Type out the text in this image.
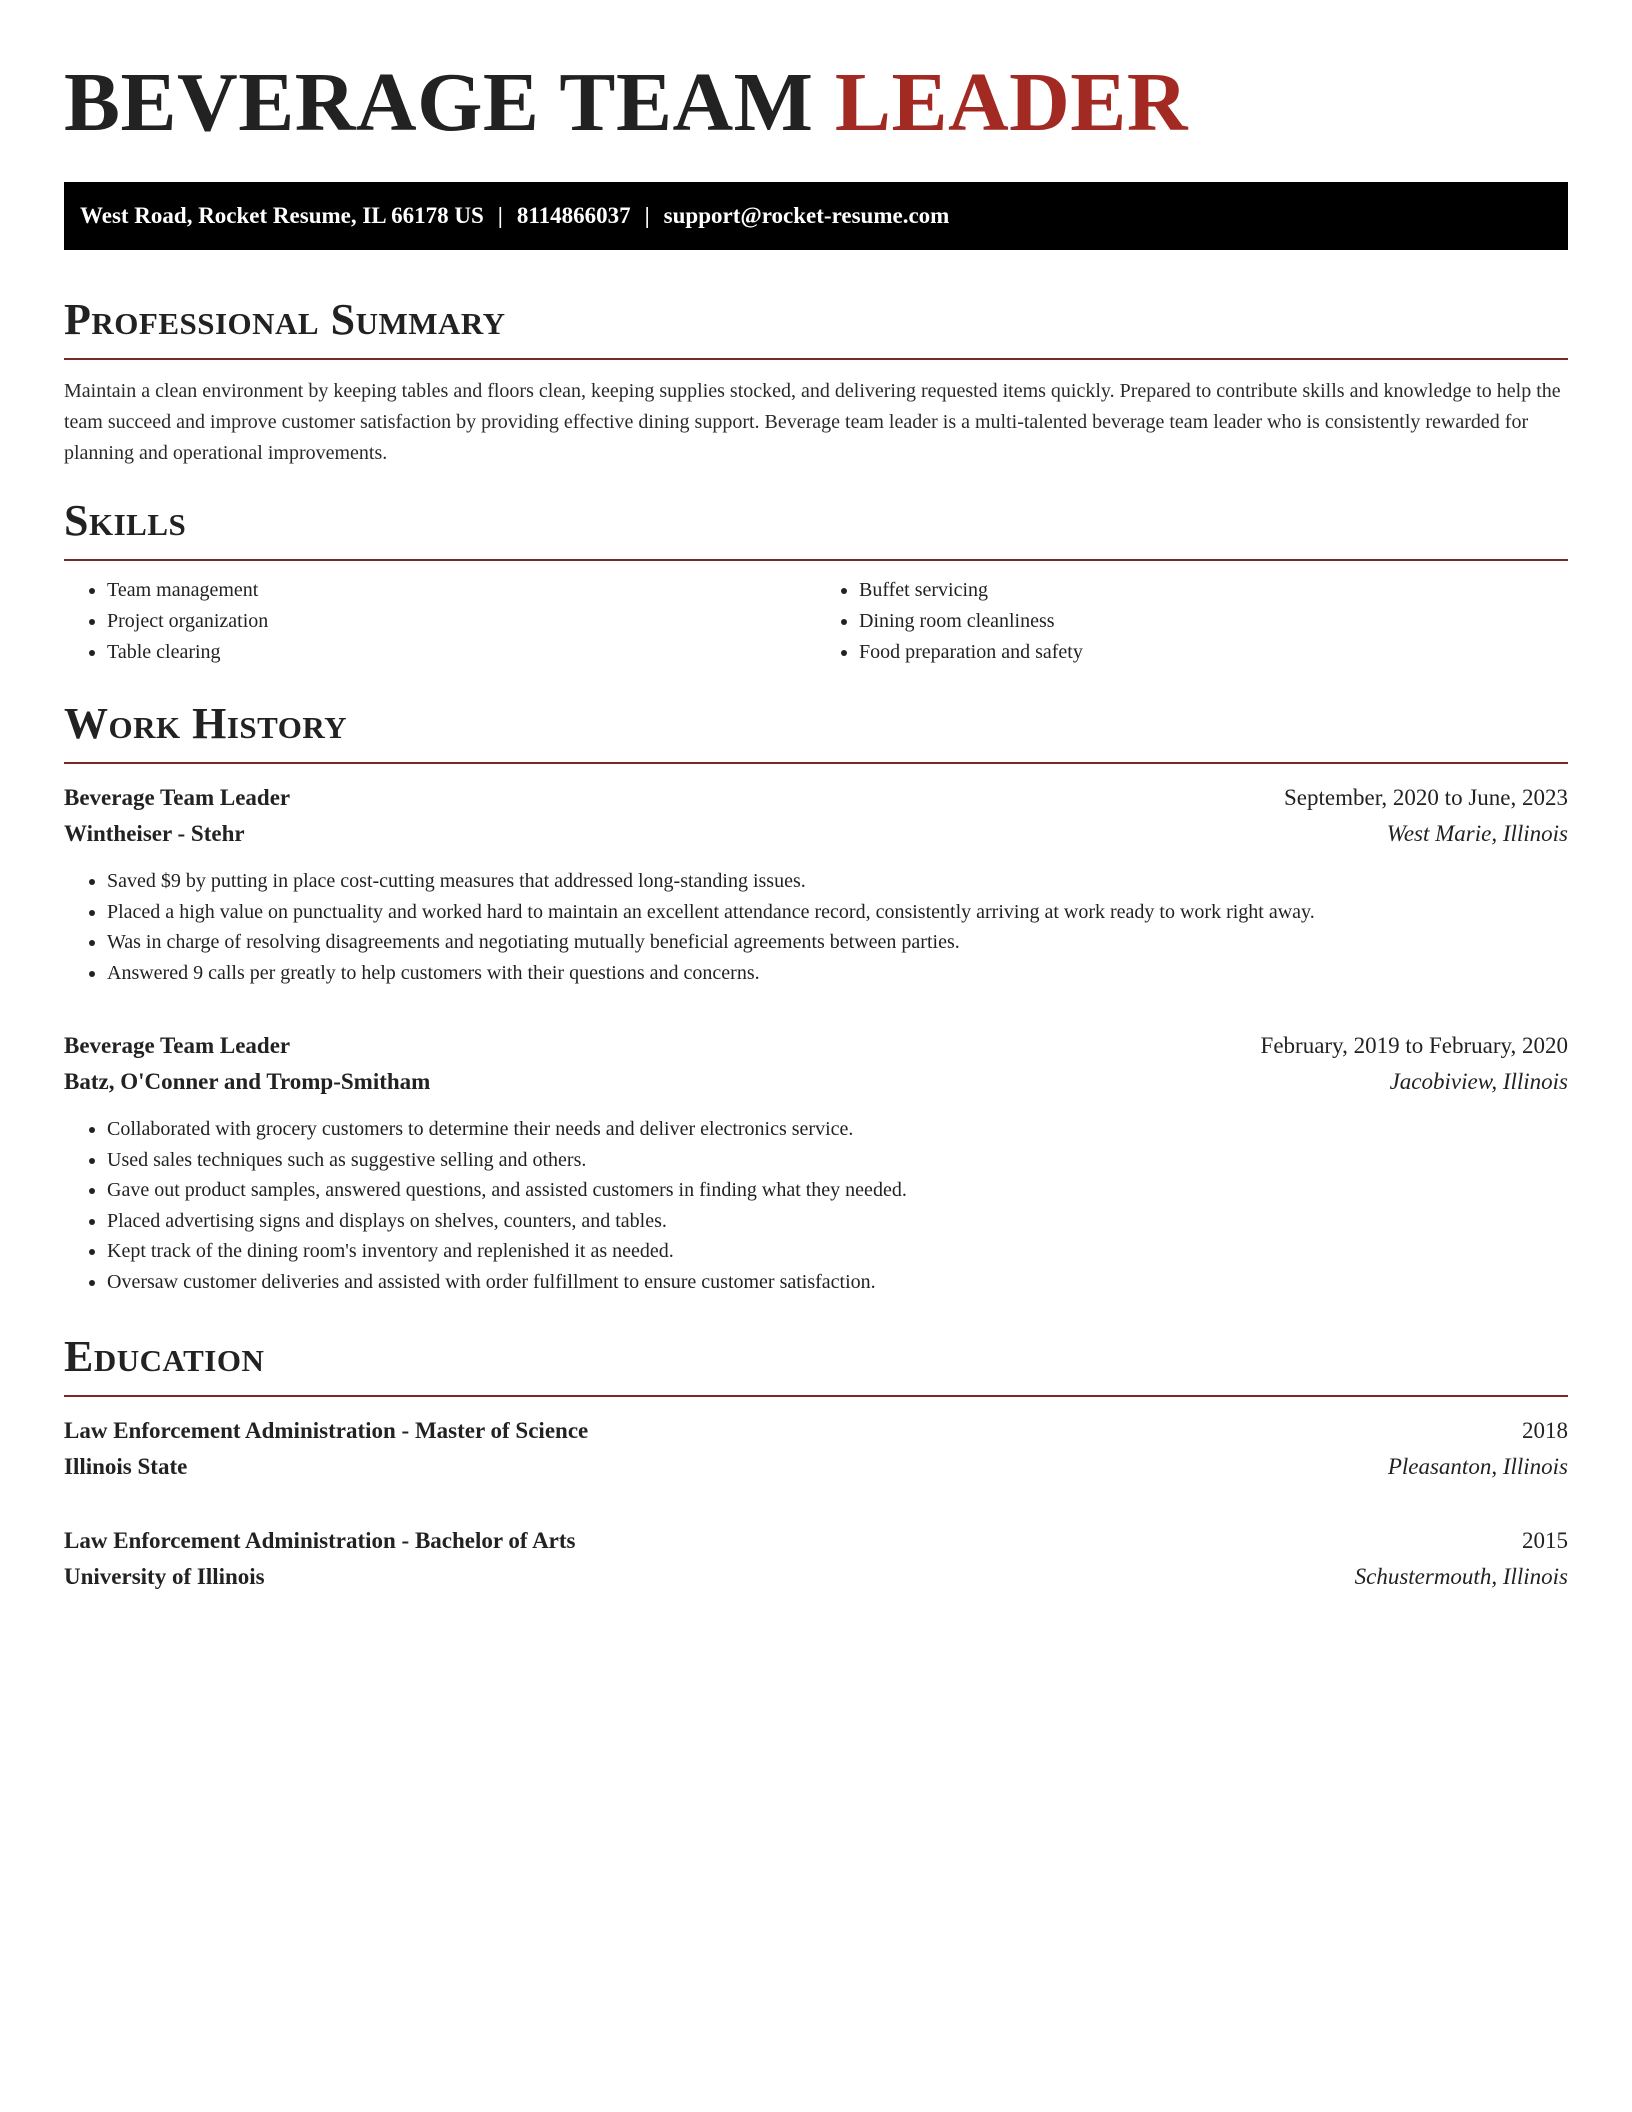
BEVERAGE TEAM LEADER
West Road, Rocket Resume, IL 66178 US | 8114866037 | support@rocket-resume.com
Professional Summary

Maintain a clean environment by keeping tables and floors clean, keeping supplies stocked, and delivering requested items quickly. Prepared to contribute skills and knowledge to help the team succeed and improve customer satisfaction by providing effective dining support. Beverage team leader is a multi-talented beverage team leader who is consistently rewarded for planning and operational improvements.

Skills
• Team management
• Project organization
• Table clearing
• Buffet servicing
• Dining room cleanliness
• Food preparation and safety
Work History
Beverage Team Leader	September, 2020 to June, 2023
Wintheiser - Stehr	West Marie, Illinois
• Saved $9 by putting in place cost-cutting measures that addressed long-standing issues.
• Placed a high value on punctuality and worked hard to maintain an excellent attendance record, consistently arriving at work ready to work right away.
• Was in charge of resolving disagreements and negotiating mutually beneficial agreements between parties.
• Answered 9 calls per greatly to help customers with their questions and concerns.
Beverage Team Leader	February, 2019 to February, 2020
Batz, O'Conner and Tromp-Smitham	Jacobiview, Illinois
• Collaborated with grocery customers to determine their needs and deliver electronics service.
• Used sales techniques such as suggestive selling and others.
• Gave out product samples, answered questions, and assisted customers in finding what they needed.
• Placed advertising signs and displays on shelves, counters, and tables.
• Kept track of the dining room's inventory and replenished it as needed.
• Oversaw customer deliveries and assisted with order fulfillment to ensure customer satisfaction.
Education
Law Enforcement Administration - Master of Science	2018
Illinois State	Pleasanton, Illinois
Law Enforcement Administration - Bachelor of Arts	2015
University of Illinois	Schustermouth, Illinois
